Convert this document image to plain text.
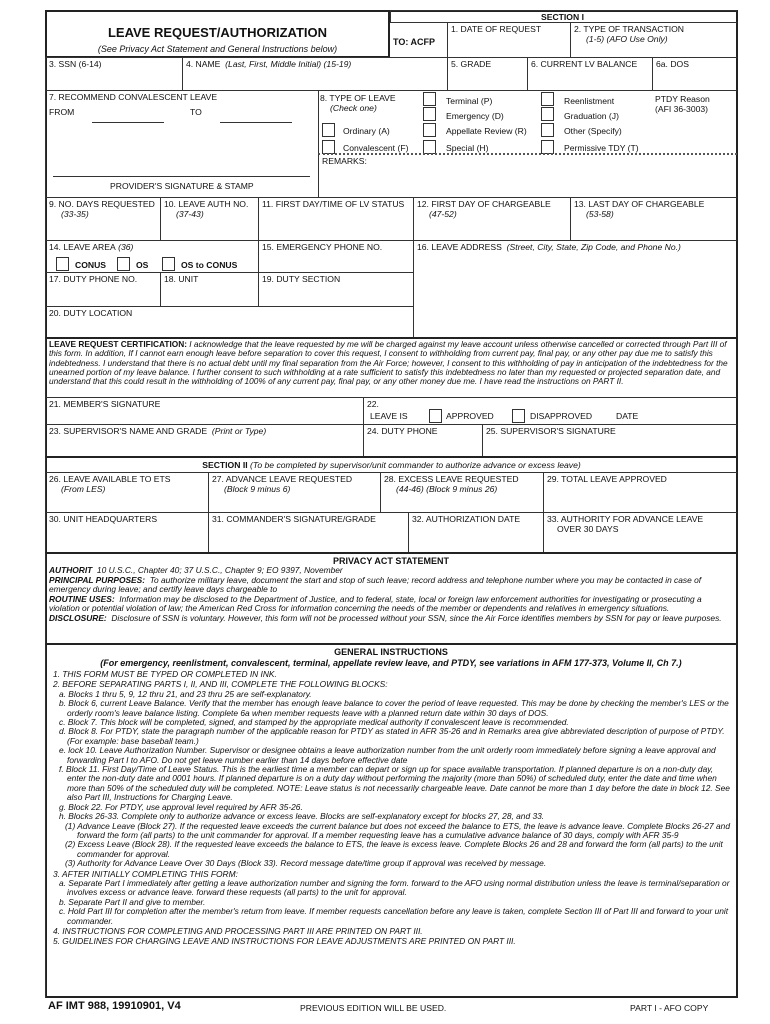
LEAVE REQUEST/AUTHORIZATION
(See Privacy Act Statement and General Instructions below)
SECTION I
TO: ACFP
1. DATE OF REQUEST	2. TYPE OF TRANSACTION
(1-5) (AFO Use Only)
3. SSN (6-14)	4. NAME (Last, First, Middle Initial) (15-19)	5. GRADE	6. CURRENT LV BALANCE	6a. DOS
7. RECOMMEND CONVALESCENT LEAVE
FROM	TO
PROVIDER'S SIGNATURE & STAMP
8. TYPE OF LEAVE
(Check one)
Ordinary (A)
Convalescent (F)
Terminal (P)
Emergency (D)
Appellate Review (R)
Special (H)
Reenlistment
Graduation (J)
Other (Specify)
Permissive TDY (T)
PTDY Reason
(AFI 36-3003)
REMARKS:
9. NO. DAYS REQUESTED
(33-35)
10. LEAVE AUTH NO.
(37-43)
11. FIRST DAY/TIME OF LV STATUS	12. FIRST DAY OF CHARGEABLE
(47-52)
13. LAST DAY OF CHARGEABLE
(53-58)
14. LEAVE AREA (36)
CONUS	OS	OS to CONUS
15. EMERGENCY PHONE NO.	16. LEAVE ADDRESS (Street, City, State, Zip Code, and Phone No.)
17. DUTY PHONE NO.	18. UNIT	19. DUTY SECTION
20. DUTY LOCATION
LEAVE REQUEST CERTIFICATION: I acknowledge that the leave requested by me will be charged against my leave account unless otherwise cancelled or corrected through Part III of this form. In addition, If I cannot earn enough leave before separation to cover this request, I consent to withholding from current pay, final pay, or any other pay due me to satisfy this indebtedness. I understand that there is no actual debt until my final separation from the Air Force; however, I consent to this withholding of pay in anticipation of the indebtedness for the unearned portion of my leave balance. I further consent to such withholding at a rate sufficient to satisfy this indebtedness no later than my requested or projected separation date, and understand that this could result in the withholding of 100% of any current pay, final pay, or any other money due me. I have read the instructions on PART II.
21. MEMBER'S SIGNATURE	22.
LEAVE IS	APPROVED	DISAPPROVED	DATE
23. SUPERVISOR'S NAME AND GRADE (Print or Type)	24. DUTY PHONE	25. SUPERVISOR'S SIGNATURE
SECTION II (To be completed by supervisor/unit commander to authorize advance or excess leave)
26. LEAVE AVAILABLE TO ETS
(From LES)
27. ADVANCE LEAVE REQUESTED
(Block 9 minus 6)
28. EXCESS LEAVE REQUESTED
(44-46) (Block 9 minus 26)
29. TOTAL LEAVE APPROVED
30. UNIT HEADQUARTERS	31. COMMANDER'S SIGNATURE/GRADE	32. AUTHORIZATION DATE	33. AUTHORITY FOR ADVANCE LEAVE
OVER 30 DAYS
PRIVACY ACT STATEMENT
AUTHORIT 10 U.S.C., Chapter 40; 37 U.S.C., Chapter 9; EO 9397, November
PRINCIPAL PURPOSES: To authorize military leave, document the start and stop of such leave; record address and telephone number where you may be contacted in case of emergency during leave; and certify leave days chargeable to
ROUTINE USES: Information may be disclosed to the Department of Justice, and to federal, state, local or foreign law enforcement authorities for investigating or prosecuting a violation or potential violation of law; the American Red Cross for information concerning the needs of the member or dependents and relatives in emergency situations.
DISCLOSURE: Disclosure of SSN is voluntary. However, this form will not be processed without your SSN, since the Air Force identifies members by SSN for pay or leave purposes.
GENERAL INSTRUCTIONS
(For emergency, reenlistment, convalescent, terminal, appellate review leave, and PTDY, see variations in AFM 177-373, Volume II, Ch 7.)
1. THIS FORM MUST BE TYPED OR COMPLETED IN INK.
2. BEFORE SEPARATING PARTS I, II, AND III, COMPLETE THE FOLLOWING BLOCKS:
a. Blocks 1 thru 5, 9, 12 thru 21, and 23 thru 25 are self-explanatory.
b. Block 6, current Leave Balance. Verify that the member has enough leave balance to cover the period of leave requested. This may be done by checking the member's LES or the orderly room's leave balance listing. Complete 6a when member requests leave with a planned return date within 30 days of DOS.
c. Block 7. This block will be completed, signed, and stamped by the appropriate medical authority if convalescent leave is recommended.
d. Block 8. For PTDY, state the paragraph number of the applicable reason for PTDY as stated in AFR 35-26 and in Remarks area give abbreviated description of purpose of PTDY. (For example: base baseball team.)
e. lock 10. Leave Authorization Number. Supervisor or designee obtains a leave authorization number from the unit orderly room immediately before signing a leave approval and forwarding Part I to AFO. Do not get leave number earlier than 14 days before effective date
f. Block 11. First Day/Time of Leave Status. This is the earliest time a member can depart or sign up for space available transportation. If planned departure is on a non-duty day, enter the non-duty date and 0001 hours. If planned departure is on a duty day without performing the majority (more than 50%) of scheduled duty, enter the date and time when more than 50% of the scheduled duty will be completed. NOTE: Leave status is not necessarily chargeable leave. Date cannot be more than 1 day before the date in block 12. See also Part III, Instructions for Charging Leave.
g. Block 22. For PTDY, use approval level required by AFR 35-26.
h. Blocks 26-33. Complete only to authorize advance or excess leave. Blocks are self-explanatory except for blocks 27, 28, and 33.
(1) Advance Leave (Block 27). If the requested leave exceeds the current balance but does not exceed the balance to ETS, the leave is advance leave. Complete Blocks 26-27 and forward the form (all parts) to the unit commander for approval. If a member requesting leave has a cumulative advance balance of 30 days, comply with AFR 35-9
(2) Excess Leave (Block 28). If the requested leave exceeds the balance to ETS, the leave is excess leave. Complete Blocks 26 and 28 and forward the form (all parts) to the unit commander for approval.
(3) Authority for Advance Leave Over 30 Days (Block 33). Record message date/time group if approval was received by message.
3. AFTER INITIALLY COMPLETING THIS FORM:
a. Separate Part I immediately after getting a leave authorization number and signing the form. forward to the AFO using normal distribution unless the leave is terminal/separation or involves excess or advance leave. forward these requests (all parts) to the unit for approval.
b. Separate Part II and give to member.
c. Hold Part III for completion after the member's return from leave. If member requests cancellation before any leave is taken, complete Section III of Part III and forward to your unit commander.
4. INSTRUCTIONS FOR COMPLETING AND PROCESSING PART III ARE PRINTED ON PART III.
5. GUIDELINES FOR CHARGING LEAVE AND INSTRUCTIONS FOR LEAVE ADJUSTMENTS ARE PRINTED ON PART III.
AF IMT 988, 19910901, V4	PREVIOUS EDITION WILL BE USED.	PART I - AFO COPY
